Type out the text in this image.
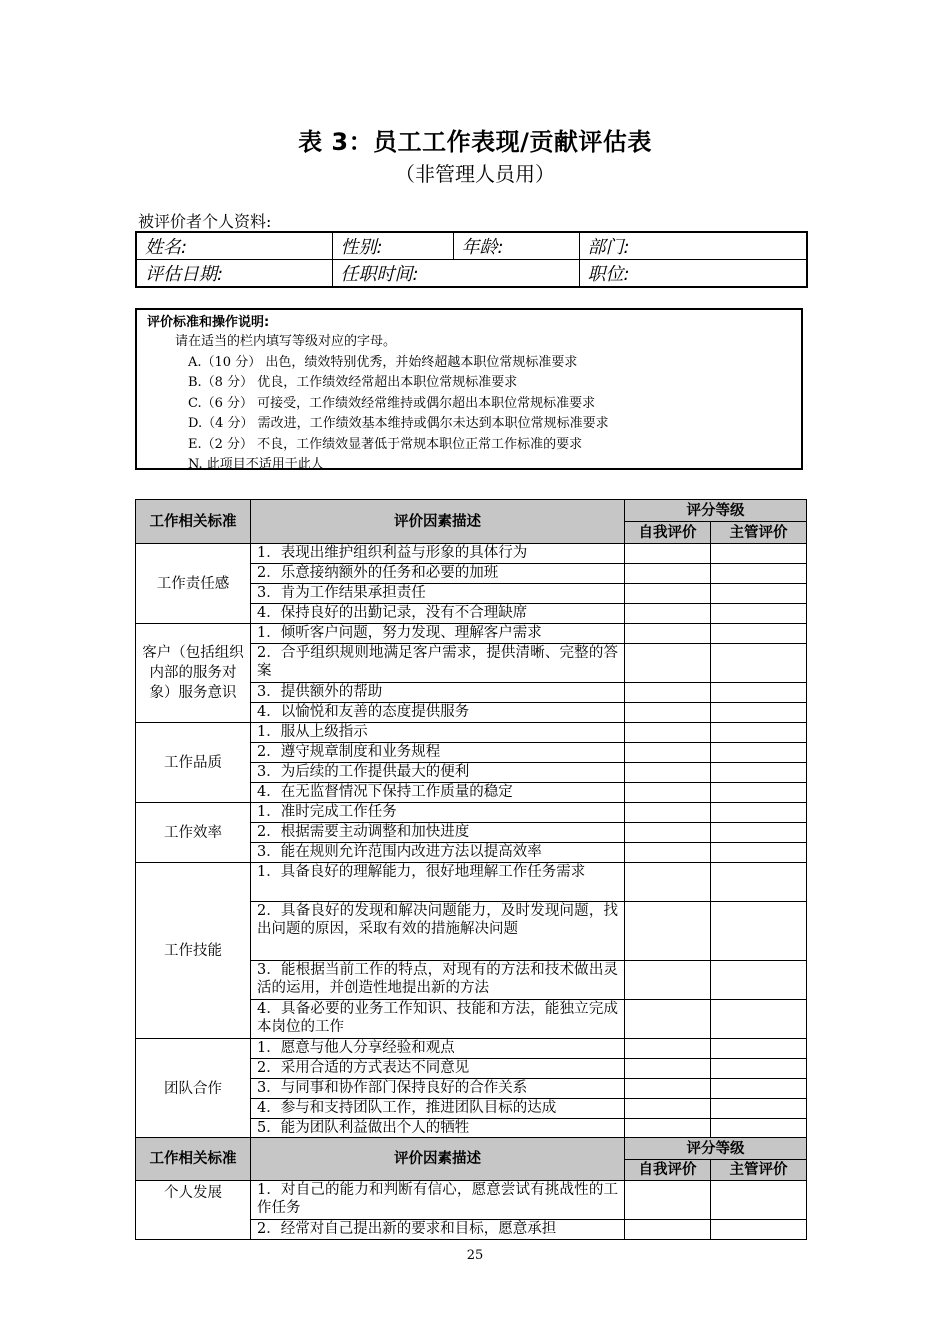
表 3：员工工作表现/贡献评估表
（非管理人员用）
被评价者个人资料:
姓名:	性别:	年龄:	部门:
评估日期:	任职时间:		职位:
评价标准和操作说明:
请在适当的栏内填写等级对应的字母。
A.（10 分） 出色，绩效特别优秀，并始终超越本职位常规标准要求
B.（8 分） 优良，工作绩效经常超出本职位常规标准要求
C.（6 分） 可接受，工作绩效经常维持或偶尔超出本职位常规标准要求
D.（4 分） 需改进，工作绩效基本维持或偶尔未达到本职位常规标准要求
E.（2 分） 不良，工作绩效显著低于常规本职位正常工作标准的要求
N. 此项目不适用于此人
工作相关标准	评价因素描述	评分等级	
		自我评价	主管评价
工作责任感	1．表现出维护组织利益与形象的具体行为		
	2．乐意接纳额外的任务和必要的加班		
	3．肯为工作结果承担责任		
	4．保持良好的出勤记录，没有不合理缺席		
客户（包括组织内部的服务对象）服务意识	1．倾听客户问题，努力发现、理解客户需求		
	2．合乎组织规则地满足客户需求，提供清晰、完整的答案		
	3．提供额外的帮助		
	4．以愉悦和友善的态度提供服务		
工作品质	1．服从上级指示		
	2．遵守规章制度和业务规程		
	3．为后续的工作提供最大的便利		
	4．在无监督情况下保持工作质量的稳定		
工作效率	1．准时完成工作任务		
	2．根据需要主动调整和加快进度		
	3．能在规则允许范围内改进方法以提高效率		
工作技能	1．具备良好的理解能力，很好地理解工作任务需求		
	2．具备良好的发现和解决问题能力，及时发现问题，找出问题的原因，采取有效的措施解决问题		
	3．能根据当前工作的特点，对现有的方法和技术做出灵活的运用，并创造性地提出新的方法		
	4．具备必要的业务工作知识、技能和方法，能独立完成本岗位的工作		
团队合作	1．愿意与他人分享经验和观点		
	2．采用合适的方式表达不同意见		
	3．与同事和协作部门保持良好的合作关系		
	4．参与和支持团队工作，推进团队目标的达成		
	5．能为团队利益做出个人的牺牲		
工作相关标准	评价因素描述	评分等级	
		自我评价	主管评价
个人发展	1．对自己的能力和判断有信心，愿意尝试有挑战性的工作任务		
	2．经常对自己提出新的要求和目标，愿意承担		
25
